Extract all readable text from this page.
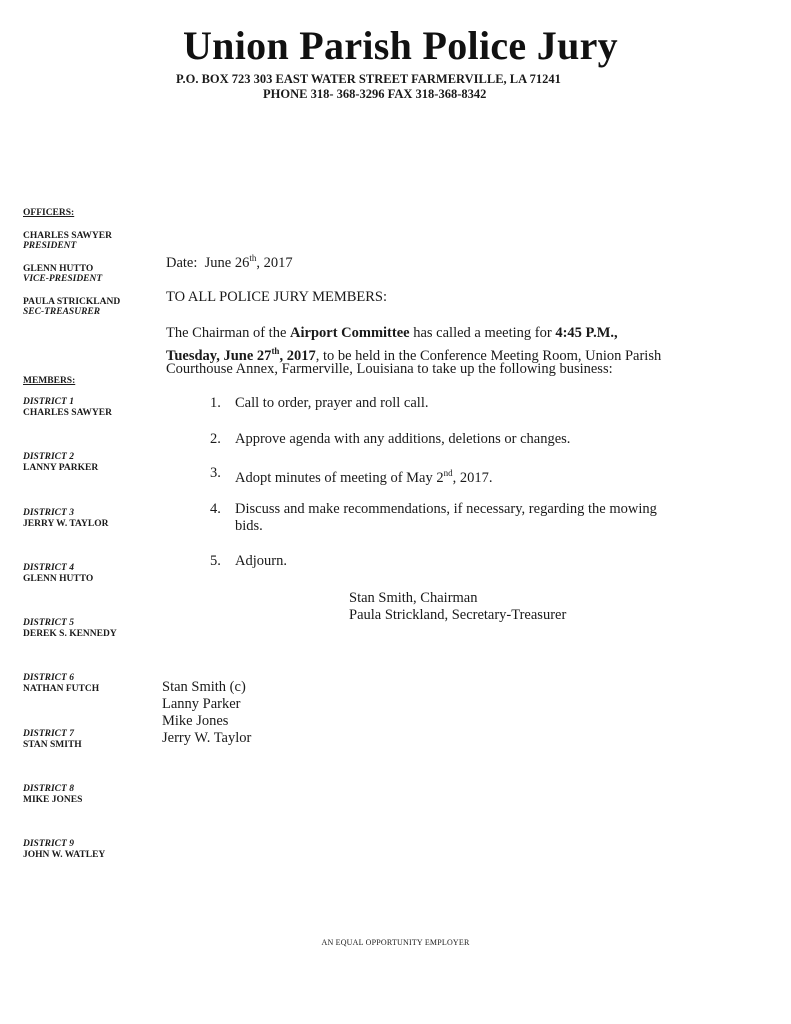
Union Parish Police Jury
P.O. BOX 723 303 EAST WATER STREET FARMERVILLE, LA 71241
PHONE 318- 368-3296 FAX 318-368-8342
OFFICERS:
CHARLES SAWYER
PRESIDENT
GLENN HUTTO
VICE-PRESIDENT
PAULA STRICKLAND
SEC-TREASURER
MEMBERS:
DISTRICT 1
CHARLES SAWYER
DISTRICT 2
LANNY PARKER
DISTRICT 3
JERRY W. TAYLOR
DISTRICT 4
GLENN HUTTO
DISTRICT 5
DEREK S. KENNEDY
DISTRICT 6
NATHAN FUTCH
DISTRICT 7
STAN SMITH
DISTRICT 8
MIKE JONES
DISTRICT 9
JOHN W. WATLEY
Date: June 26th, 2017
TO ALL POLICE JURY MEMBERS:
The Chairman of the Airport Committee has called a meeting for 4:45 P.M.,
Tuesday, June 27th, 2017, to be held in the Conference Meeting Room, Union Parish
Courthouse Annex, Farmerville, Louisiana to take up the following business:
1. Call to order, prayer and roll call.
2. Approve agenda with any additions, deletions or changes.
3. Adopt minutes of meeting of May 2nd, 2017.
4. Discuss and make recommendations, if necessary, regarding the mowing
bids.
5. Adjourn.
Stan Smith, Chairman
Paula Strickland, Secretary-Treasurer
Stan Smith (c)
Lanny Parker
Mike Jones
Jerry W. Taylor
AN EQUAL OPPORTUNITY EMPLOYER
